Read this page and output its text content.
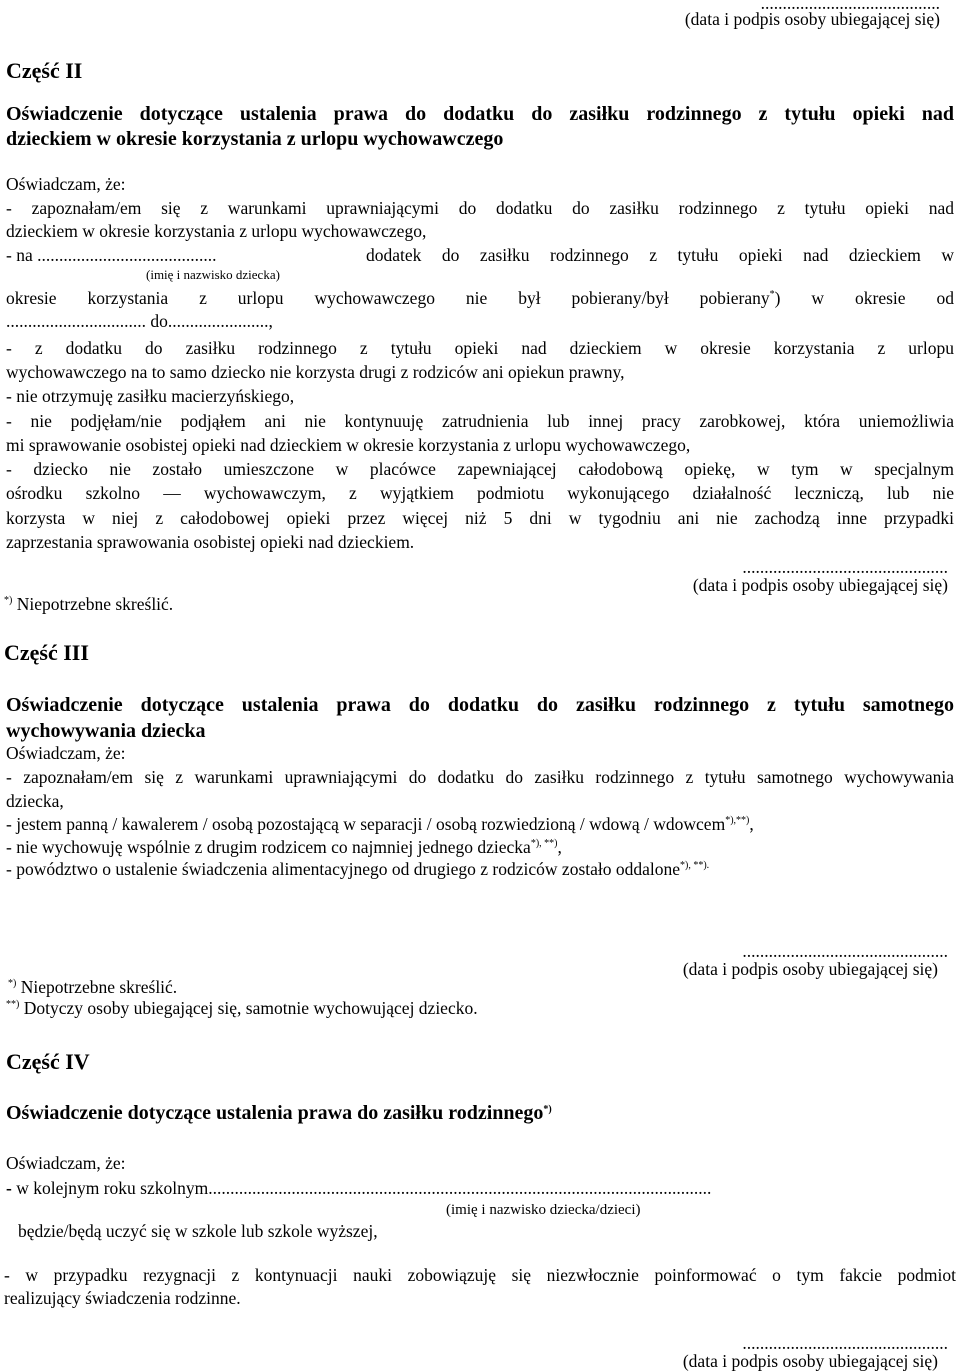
.........................................
(data i podpis osoby ubiegającej się)
Część II
Oświadczenie dotyczące ustalenia prawa do dodatku do zasiłku rodzinnego z tytułu opieki nad
dzieckiem w okresie korzystania z urlopu wychowawczego
Oświadczam, że:
- zapoznałam/em się z warunkami uprawniającymi do dodatku do zasiłku rodzinnego z tytułu opieki nad
dzieckiem w okresie korzystania z urlopu wychowawczego,
- na .........................................	dodatek do zasiłku rodzinnego z tytułu opieki nad dzieckiem w
(imię i nazwisko dziecka)
okresie korzystania z urlopu wychowawczego nie był pobierany/był pobierany*) w okresie od
................................ do.......................,
- z dodatku do zasiłku rodzinnego z tytułu opieki nad dzieckiem w okresie korzystania z urlopu
wychowawczego na to samo dziecko nie korzysta drugi z rodziców ani opiekun prawny,
- nie otrzymuję zasiłku macierzyńskiego,
- nie podjęłam/nie podjąłem ani nie kontynuuję zatrudnienia lub innej pracy zarobkowej, która uniemożliwia
mi sprawowanie osobistej opieki nad dzieckiem w okresie korzystania z urlopu wychowawczego,
- dziecko nie zostało umieszczone w placówce zapewniającej całodobową opiekę, w tym w specjalnym
ośrodku szkolno — wychowawczym, z wyjątkiem podmiotu wykonującego działalność leczniczą, lub nie
korzysta w niej z całodobowej opieki przez więcej niż 5 dni w tygodniu ani nie zachodzą inne przypadki
zaprzestania sprawowania osobistej opieki nad dzieckiem.
...............................................
(data i podpis osoby ubiegającej się)
*) Niepotrzebne skreślić.
Część III
Oświadczenie dotyczące ustalenia prawa do dodatku do zasiłku rodzinnego z tytułu samotnego
wychowywania dziecka
Oświadczam, że:
- zapoznałam/em się z warunkami uprawniającymi do dodatku do zasiłku rodzinnego z tytułu samotnego wychowywania
dziecka,
- jestem panną / kawalerem / osobą pozostającą w separacji / osobą rozwiedzioną / wdową / wdowcem*),**),
- nie wychowuję wspólnie z drugim rodzicem co najmniej jednego dziecka*), **),
- powództwo o ustalenie świadczenia alimentacyjnego od drugiego z rodziców zostało oddalone*), **).
...............................................
(data i podpis osoby ubiegającej się)
*) Niepotrzebne skreślić.
**) Dotyczy osoby ubiegającej się, samotnie wychowującej dziecko.
Część IV
Oświadczenie dotyczące ustalenia prawa do zasiłku rodzinnego*)
Oświadczam, że:
- w kolejnym roku szkolnym...................................................................................................................
(imię i nazwisko dziecka/dzieci)
będzie/będą uczyć się w szkole lub szkole wyższej,
- w przypadku rezygnacji z kontynuacji nauki zobowiązuję się niezwłocznie poinformować o tym fakcie podmiot
realizujący świadczenia rodzinne.
...............................................
(data i podpis osoby ubiegającej się)
